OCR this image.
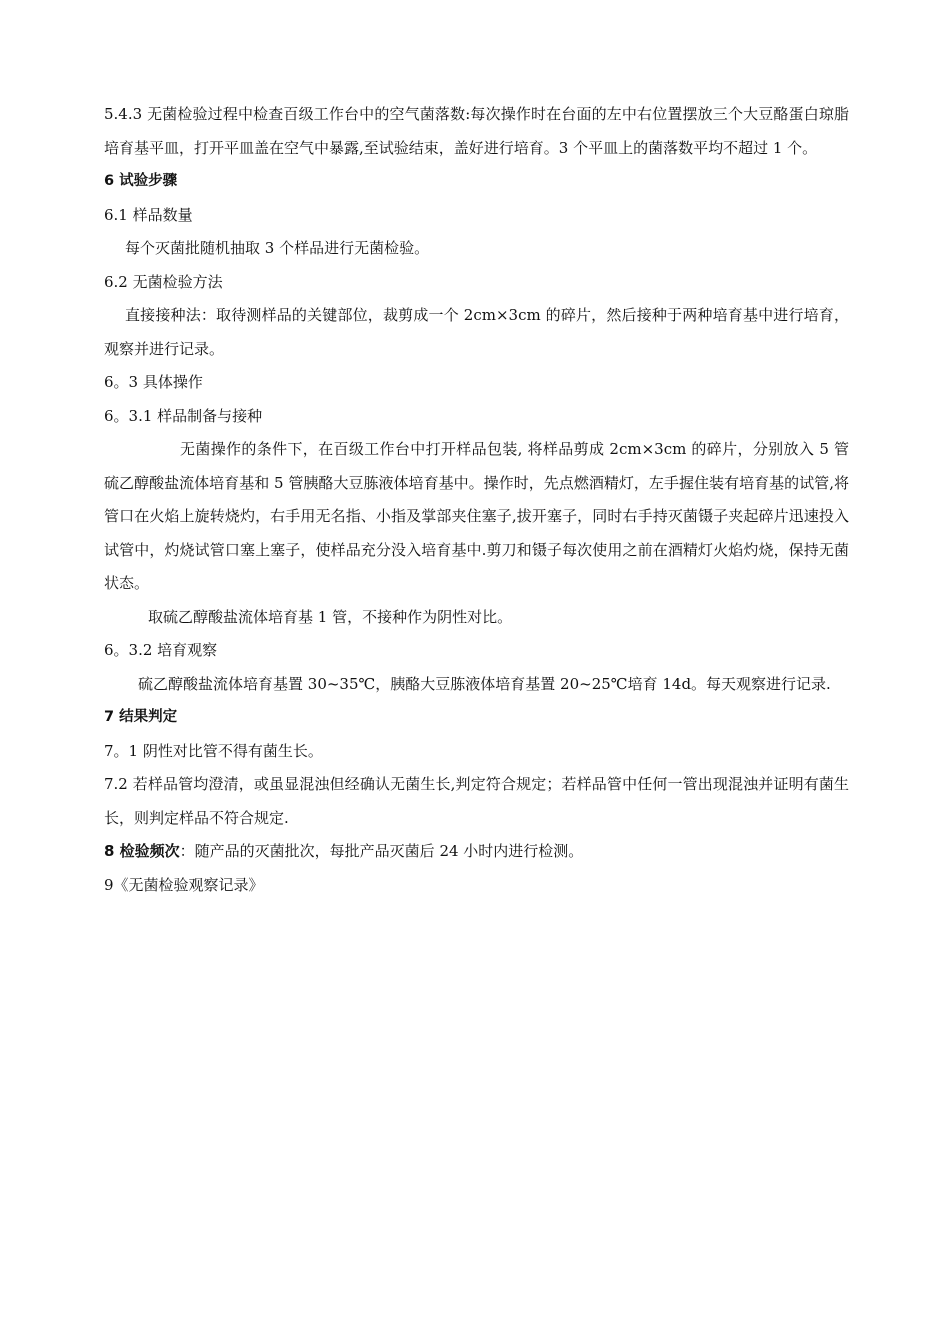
5.4.3 无菌检验过程中检查百级工作台中的空气菌落数:每次操作时在台面的左中右位置摆放三个大豆酪蛋白琼脂培育基平皿，打开平皿盖在空气中暴露,至试验结束，盖好进行培育。3 个平皿上的菌落数平均不超过 1 个。

6 试验步骤

6.1 样品数量

每个灭菌批随机抽取 3 个样品进行无菌检验。

6.2 无菌检验方法

直接接种法：取待测样品的关键部位，裁剪成一个 2cm×3cm 的碎片，然后接种于两种培育基中进行培育，观察并进行记录。

6。3 具体操作

6。3.1 样品制备与接种

无菌操作的条件下，在百级工作台中打开样品包装, 将样品剪成 2cm×3cm 的碎片，分别放入 5 管硫乙醇酸盐流体培育基和 5 管胰酪大豆胨液体培育基中。操作时，先点燃酒精灯，左手握住装有培育基的试管,将管口在火焰上旋转烧灼，右手用无名指、小指及掌部夹住塞子,拔开塞子，同时右手持灭菌镊子夹起碎片迅速投入试管中，灼烧试管口塞上塞子，使样品充分没入培育基中.剪刀和镊子每次使用之前在酒精灯火焰灼烧，保持无菌状态。

取硫乙醇酸盐流体培育基 1 管，不接种作为阴性对比。

6。3.2 培育观察

硫乙醇酸盐流体培育基置 30~35℃，胰酪大豆胨液体培育基置 20~25℃培育 14d。每天观察进行记录.

7 结果判定

7。1 阴性对比管不得有菌生长。

7.2 若样品管均澄清，或虽显混浊但经确认无菌生长,判定符合规定；若样品管中任何一管出现混浊并证明有菌生长，则判定样品不符合规定.

8 检验频次：随产品的灭菌批次，每批产品灭菌后 24 小时内进行检测。

9《无菌检验观察记录》
